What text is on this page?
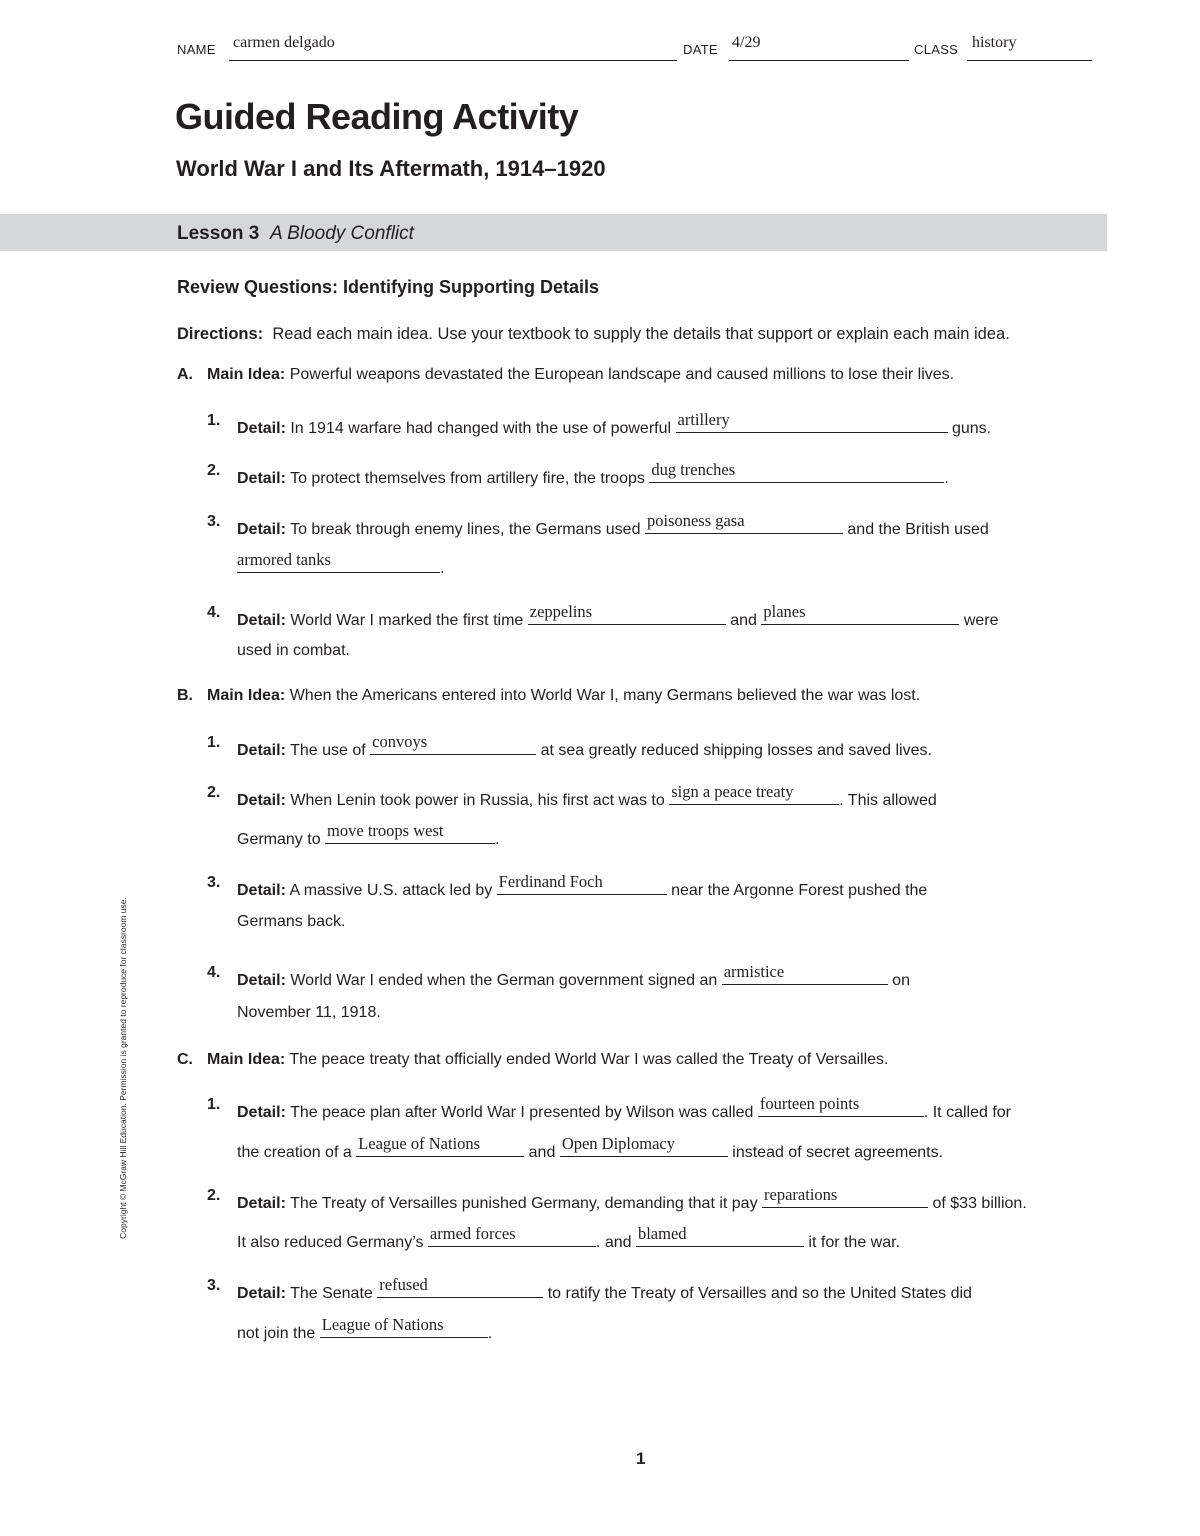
NAME carmen delgado	DATE 4/29	CLASS history
Guided Reading Activity
World War I and Its Aftermath, 1914–1920
Lesson 3 A Bloody Conflict
Review Questions: Identifying Supporting Details
Directions: Read each main idea. Use your textbook to supply the details that support or explain each main idea.
A. Main Idea: Powerful weapons devastated the European landscape and caused millions to lose their lives.
1. Detail: In 1914 warfare had changed with the use of powerful artillery	guns.
2. Detail: To protect themselves from artillery fire, the troops dug trenches	.
3. Detail: To break through enemy lines, the Germans used poisoness gasa	and the British used
armored tanks	.
4. Detail: World War I marked the first time zeppelins	and planes	were
used in combat.
B. Main Idea: When the Americans entered into World War I, many Germans believed the war was lost.
1. Detail: The use of convoys	at sea greatly reduced shipping losses and saved lives.
2. Detail: When Lenin took power in Russia, his first act was to sign a peace treaty	. This allowed
Germany to move troops west	.
3. Detail: A massive U.S. attack led by Ferdinand Foch	near the Argonne Forest pushed the
Germans back.
4. Detail: World War I ended when the German government signed an armistice	on
November 11, 1918.
C. Main Idea: The peace treaty that officially ended World War I was called the Treaty of Versailles.
1. Detail: The peace plan after World War I presented by Wilson was called fourteen points	. It called for
the creation of a League of Nations	and Open Diplomacy	instead of secret agreements.
2. Detail: The Treaty of Versailles punished Germany, demanding that it pay reparations	of $33 billion.
It also reduced Germany’s armed forces	. and blamed	it for the war.
3. Detail: The Senate refused	to ratify the Treaty of Versailles and so the United States did
not join the League of Nations	.
Copyright © McGraw Hill Education. Permission is granted to reproduce for classroom use.
1
